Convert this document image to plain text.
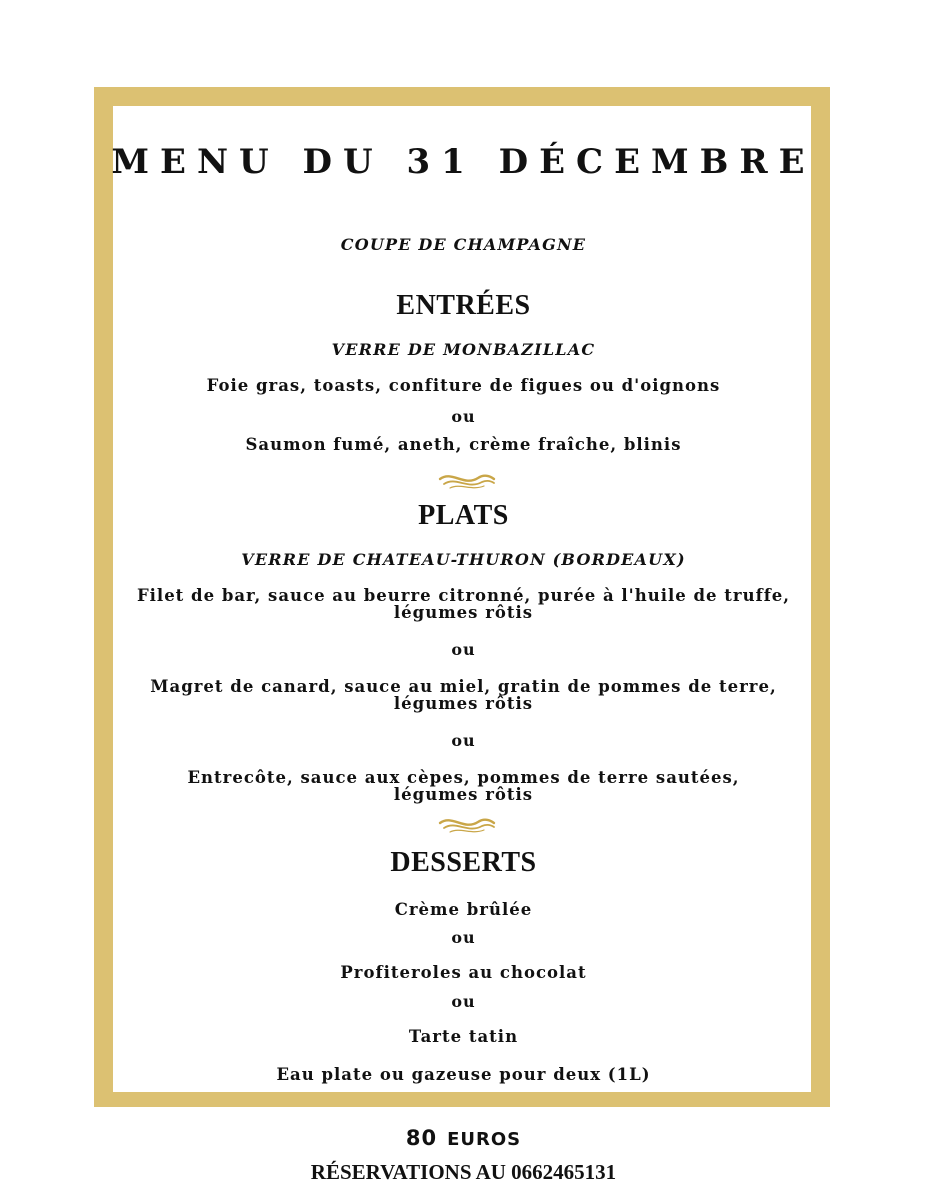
MENU DU 31 DÉCEMBRE
COUPE DE CHAMPAGNE
ENTRÉES
VERRE DE MONBAZILLAC
Foie gras, toasts, confiture de figues ou d'oignons
ou
Saumon fumé, aneth, crème fraîche, blinis
PLATS
VERRE DE CHATEAU-THURON (BORDEAUX)
Filet de bar, sauce au beurre citronné, purée à l'huile de truffe,
légumes rôtis
ou
Magret de canard, sauce au miel, gratin de pommes de terre,
légumes rôtis
ou
Entrecôte, sauce aux cèpes, pommes de terre sautées,
légumes rôtis
DESSERTS
Crème brûlée
ou
Profiteroles au chocolat
ou
Tarte tatin
Eau plate ou gazeuse pour deux (1L)
80 EUROS
RÉSERVATIONS AU 0662465131
